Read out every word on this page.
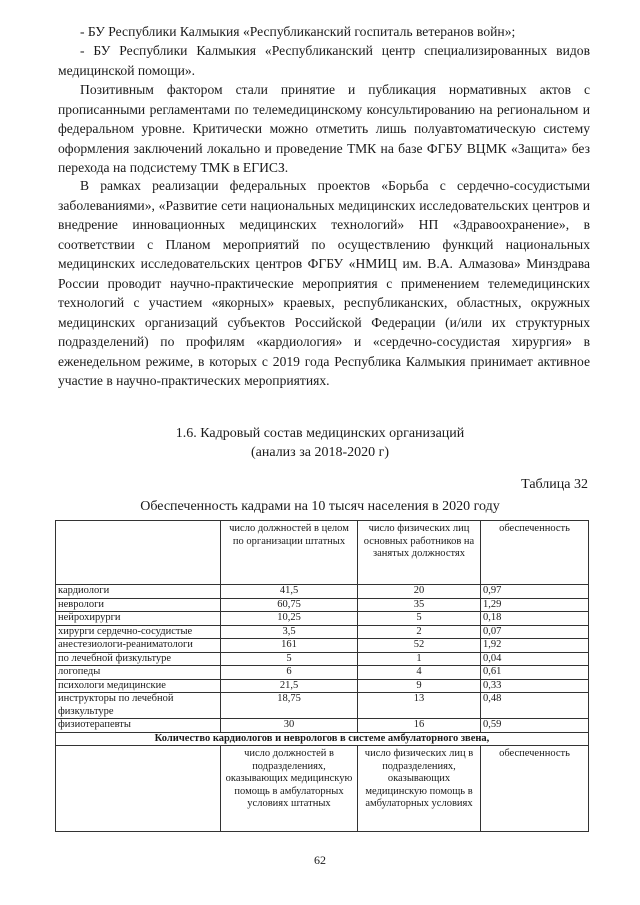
- БУ Республики Калмыкия «Республиканский госпиталь ветеранов войн»;

- БУ Республики Калмыкия «Республиканский центр специализированных видов медицинской помощи».

Позитивным фактором стали принятие и публикация нормативных актов с прописанными регламентами по телемедицинскому консультированию на региональном и федеральном уровне. Критически можно отметить лишь полуавтоматическую систему оформления заключений локально и проведение ТМК на базе ФГБУ ВЦМК «Защита» без перехода на подсистему ТМК в ЕГИСЗ.

В рамках реализации федеральных проектов «Борьба с сердечно-сосудистыми заболеваниями», «Развитие сети национальных медицинских исследовательских центров и внедрение инновационных медицинских технологий» НП «Здравоохранение», в соответствии с Планом мероприятий по осуществлению функций национальных медицинских исследовательских центров ФГБУ «НМИЦ им. В.А. Алмазова» Минздрава России проводит научно-практические мероприятия с применением телемедицинских технологий с участием «якорных» краевых, республиканских, областных, окружных медицинских организаций субъектов Российской Федерации (и/или их структурных подразделений) по профилям «кардиология» и «сердечно-сосудистая хирургия» в еженедельном режиме, в которых с 2019 года Республика Калмыкия принимает активное участие в научно-практических мероприятиях.

1.6. Кадровый состав медицинских организаций
(анализ за 2018-2020 г)
Таблица 32
Обеспеченность кадрами на 10 тысяч населения в 2020 году
	число должностей в целом по организации штатных	число физических лиц основных работников на занятых должностях	обеспеченность
кардиологи	41,5	20	0,97
неврологи	60,75	35	1,29
нейрохирурги	10,25	5	0,18
хирурги сердечно-сосудистые	3,5	2	0,07
анестезиологи-реаниматологи	161	52	1,92
по лечебной физкультуре	5	1	0,04
логопеды	6	4	0,61
психологи медицинские	21,5	9	0,33
инструкторы по лечебной физкультуре	18,75	13	0,48
физиотерапевты	30	16	0,59
Количество кардиологов и неврологов в системе амбулаторного звена,			
	число должностей в подразделениях, оказывающих медицинскую помощь в амбулаторных условиях штатных	число физических лиц в подразделениях, оказывающих медицинскую помощь в амбулаторных условиях	обеспеченность
62
